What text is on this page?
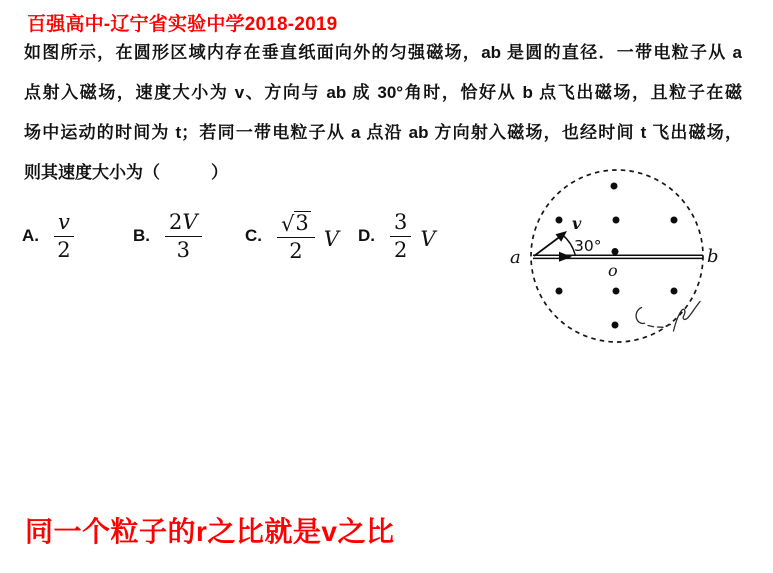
百强高中-辽宁省实验中学2018-2019
如图所示，在圆形区域内存在垂直纸面向外的匀强磁场，ab 是圆的直径．一带电粒子从 a
点射入磁场，速度大小为 v、方向与 ab 成 30°角时，恰好从 b 点飞出磁场，且粒子在磁
场中运动的时间为 t；若同一带电粒子从 a 点沿 ab 方向射入磁场，也经时间 t 飞出磁场，
则其速度大小为（　　　）
A. $\frac{v}{2}$	B. $\frac{2 V}{3}$	C. $\frac{√ 3}{2}$ V D. $\frac{3}{2}$ V
a	b
o
v
30°
同一个粒子的r之比就是v之比
